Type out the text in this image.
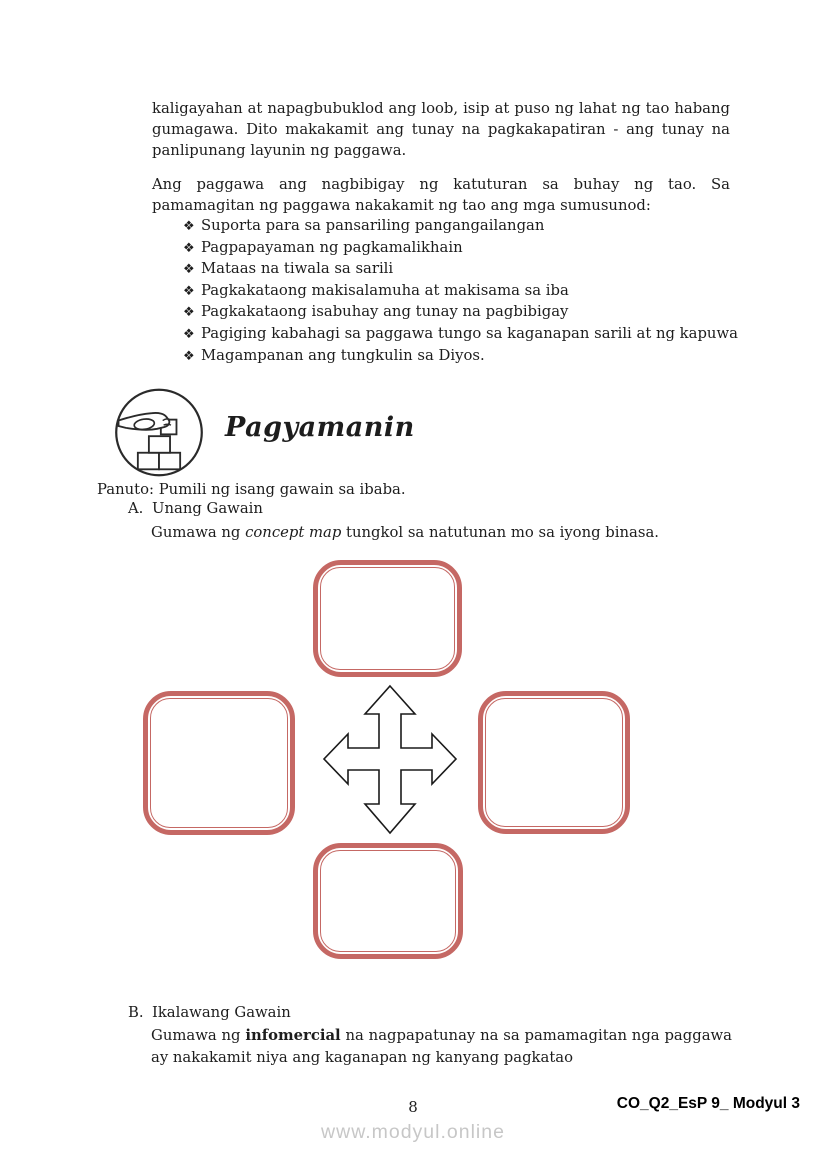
kaligayahan at napagbubuklod ang loob, isip at puso ng lahat ng tao habang gumagawa. Dito makakamit ang tunay na pagkakapatiran - ang tunay na panlipunang layunin ng paggawa.

Ang paggawa ang nagbibigay ng katuturan sa buhay ng tao. Sa pamamagitan ng paggawa nakakamit ng tao ang mga sumusunod:

❖ Suporta para sa pansariling pangangailangan
❖ Pagpapayaman ng pagkamalikhain
❖ Mataas na tiwala sa sarili
❖ Pagkakataong makisalamuha at makisama sa iba
❖ Pagkakataong isabuhay ang tunay na pagbibigay
❖ Pagiging kabahagi sa paggawa tungo sa kaganapan sarili at ng kapuwa
❖ Magampanan ang tungkulin sa Diyos.
Pagyamanin
Panuto: Pumili ng isang gawain sa ibaba.
A. Unang Gawain
Gumawa ng concept map tungkol sa natutunan mo sa iyong binasa.
B. Ikalawang Gawain
Gumawa ng infomercial na nagpapatunay na sa pamamagitan nga paggawa ay nakakamit niya ang kaganapan ng kanyang pagkatao
8	CO_Q2_EsP 9_ Modyul 3
www.modyul.online
